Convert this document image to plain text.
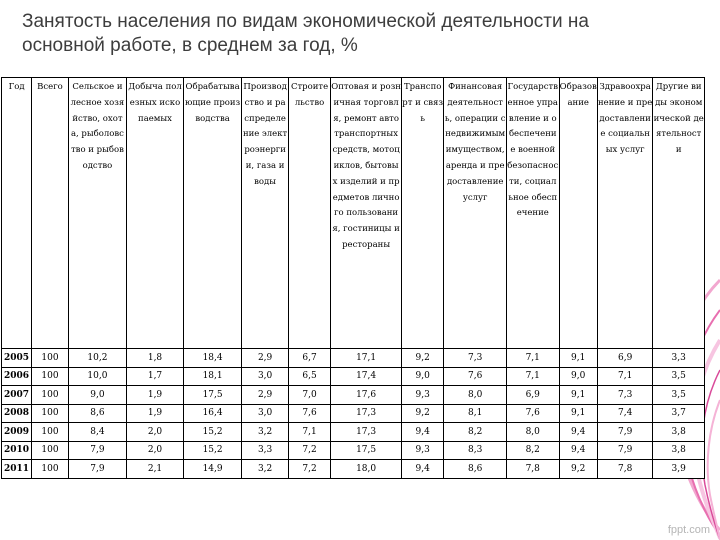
Занятость населения по видам экономической деятельности на основной работе, в среднем за год, %
Год	Всего	Сельское и лесное хозяйство, охота, рыболовство и рыбоводство	Добыча полезных ископаемых	Обрабатывающие производства	Производство и распределение электроэнергии, газа и воды	Строительство	Оптовая и розничная торговля, ремонт автотранспортных средств, мотоциклов, бытовых изделий и предметов личного пользования, гостиницы и рестораны	Транспорт и связь	Финансовая деятельность, операции с недвижимым имуществом, аренда и предоставление услуг	Государственное управление и обеспечение военной безопасности, социальное обеспечение	Образование	Здравоохранение и предоставление социальных услуг	Другие виды экономической деятельности
2005	100	10,2	1,8	18,4	2,9	6,7	17,1	9,2	7,3	7,1	9,1	6,9	3,3
2006	100	10,0	1,7	18,1	3,0	6,5	17,4	9,0	7,6	7,1	9,0	7,1	3,5
2007	100	9,0	1,9	17,5	2,9	7,0	17,6	9,3	8,0	6,9	9,1	7,3	3,5
2008	100	8,6	1,9	16,4	3,0	7,6	17,3	9,2	8,1	7,6	9,1	7,4	3,7
2009	100	8,4	2,0	15,2	3,2	7,1	17,3	9,4	8,2	8,0	9,4	7,9	3,8
2010	100	7,9	2,0	15,2	3,3	7,2	17,5	9,3	8,3	8,2	9,4	7,9	3,8
2011	100	7,9	2,1	14,9	3,2	7,2	18,0	9,4	8,6	7,8	9,2	7,8	3,9
fppt.com
